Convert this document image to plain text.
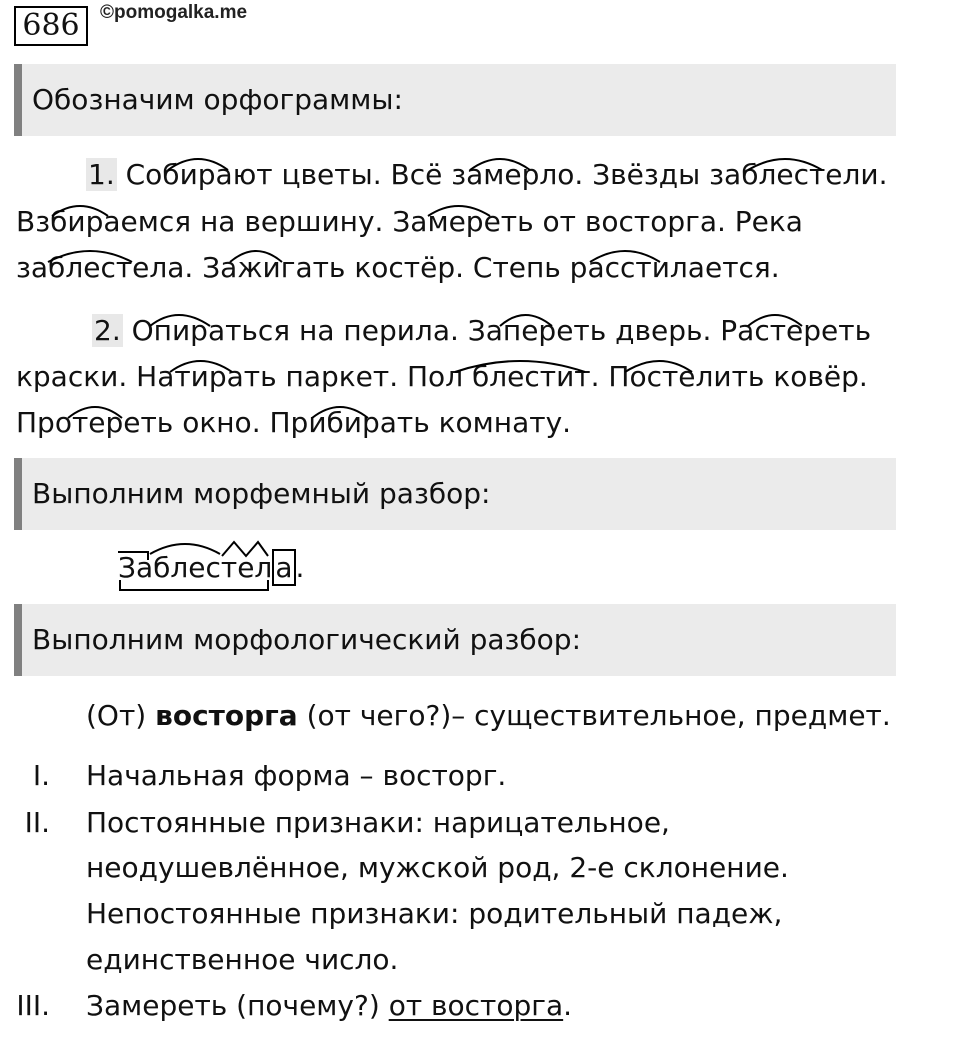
686	©pomogalka.me
Обозначим орфограммы:
1. Собирают цветы. Всё замерло. Звёзды заблестели.
Взбираемся на вершину. Замереть от восторга. Река
заблестела. Зажигать костёр. Степь расстилается.
2. Опираться на перила. Запереть дверь. Растереть
краски. Натирать паркет. Пол блестит. Постелить ковёр.
Протереть окно. Прибирать комнату.
Выполним морфемный разбор:
Заблестел а .
Выполним морфологический разбор:
(От) восторга (от чего?)– существительное, предмет.
I. Начальная форма – восторг.
II. Постоянные признаки: нарицательное,
неодушевлённое, мужской род, 2-е склонение.
Непостоянные признаки: родительный падеж,
единственное число.
III. Замереть (почему?) от восторга.
